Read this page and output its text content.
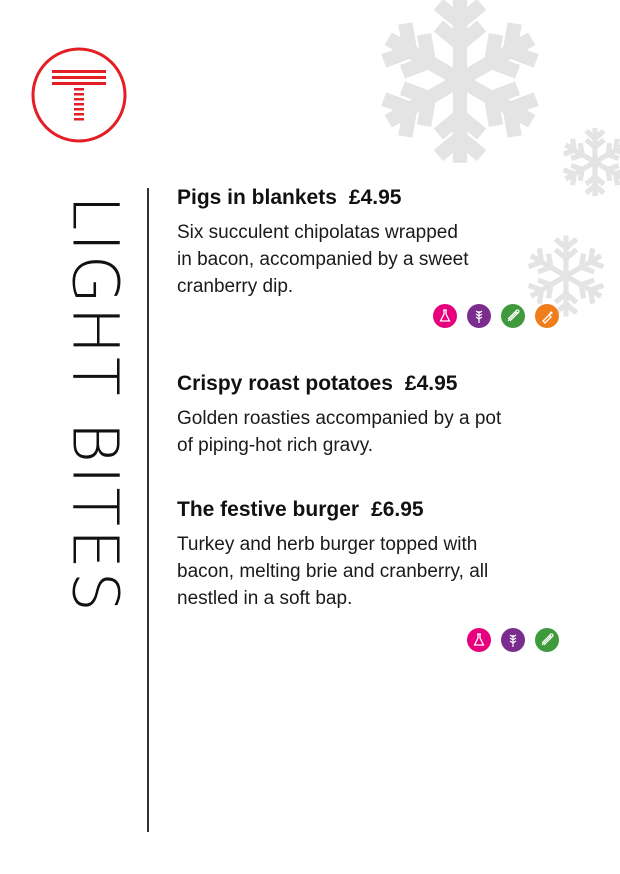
LIGHT BITES Pigs in blankets £4.95
Six succulent chipolatas wrapped
in bacon, accompanied by a sweet
cranberry dip.
Crispy roast potatoes £4.95
Golden roasties accompanied by a pot
of piping-hot rich gravy.
The festive burger £6.95
Turkey and herb burger topped with
bacon, melting brie and cranberry, all
nestled in a soft bap.
